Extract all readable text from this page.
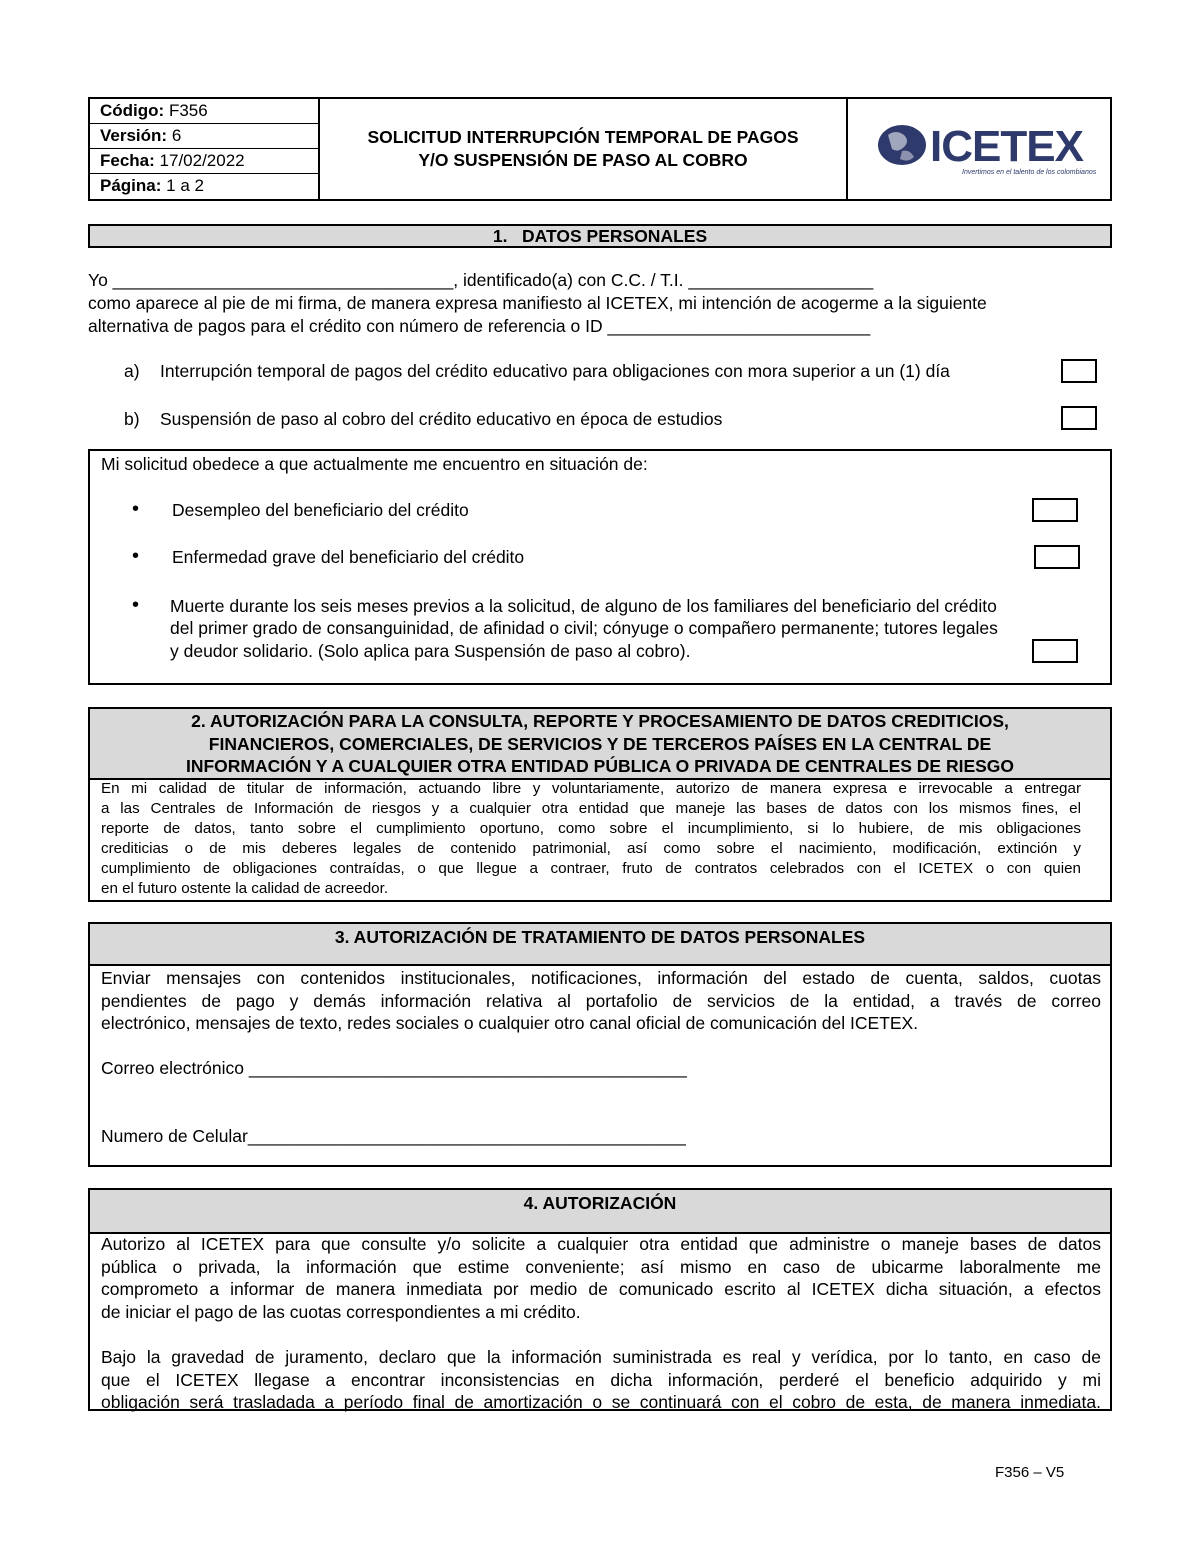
Código: F356
Versión: 6
Fecha: 17/02/2022
Página: 1 a 2
SOLICITUD INTERRUPCIÓN TEMPORAL DE PAGOS
Y/O SUSPENSIÓN DE PASO AL COBRO	ICETEX
Invertimos en el talento de los colombianos
1.   DATOS PERSONALES
Yo ___________________________________, identificado(a) con C.C. / T.I. ___________________
como aparece al pie de mi firma, de manera expresa manifiesto al ICETEX, mi intención de acogerme a la siguiente
alternativa de pagos para el crédito con número de referencia o ID ___________________________
a) Interrupción temporal de pagos del crédito educativo para obligaciones con mora superior a un (1) día
b) Suspensión de paso al cobro del crédito educativo en época de estudios
Mi solicitud obedece a que actualmente me encuentro en situación de:
• Desempleo del beneficiario del crédito
• Enfermedad grave del beneficiario del crédito
• Muerte durante los seis meses previos a la solicitud, de alguno de los familiares del beneficiario del crédito
del primer grado de consanguinidad, de afinidad o civil; cónyuge o compañero permanente; tutores legales
y deudor solidario. (Solo aplica para Suspensión de paso al cobro).
2. AUTORIZACIÓN PARA LA CONSULTA, REPORTE Y PROCESAMIENTO DE DATOS CREDITICIOS,
FINANCIEROS, COMERCIALES, DE SERVICIOS Y DE TERCEROS PAÍSES EN LA CENTRAL DE
INFORMACIÓN Y A CUALQUIER OTRA ENTIDAD PÚBLICA O PRIVADA DE CENTRALES DE RIESGO
En mi calidad de titular de información, actuando libre y voluntariamente, autorizo de manera expresa e irrevocable a entregar
a las Centrales de Información de riesgos y a cualquier otra entidad que maneje las bases de datos con los mismos fines, el
reporte de datos, tanto sobre el cumplimiento oportuno, como sobre el incumplimiento, si lo hubiere, de mis obligaciones
crediticias o de mis deberes legales de contenido patrimonial, así como sobre el nacimiento, modificación, extinción y
cumplimiento de obligaciones contraídas, o que llegue a contraer, fruto de contratos celebrados con el ICETEX o con quien
en el futuro ostente la calidad de acreedor.
3. AUTORIZACIÓN DE TRATAMIENTO DE DATOS PERSONALES
Enviar mensajes con contenidos institucionales, notificaciones, información del estado de cuenta, saldos, cuotas
pendientes de pago y demás información relativa al portafolio de servicios de la entidad, a través de correo
electrónico, mensajes de texto, redes sociales o cualquier otro canal oficial de comunicación del ICETEX.
Correo electrónico _____________________________________________
Numero de Celular_____________________________________________
4. AUTORIZACIÓN
Autorizo al ICETEX para que consulte y/o solicite a cualquier otra entidad que administre o maneje bases de datos
pública o privada, la información que estime conveniente; así mismo en caso de ubicarme laboralmente me
comprometo a informar de manera inmediata por medio de comunicado escrito al ICETEX dicha situación, a efectos
de iniciar el pago de las cuotas correspondientes a mi crédito.
Bajo la gravedad de juramento, declaro que la información suministrada es real y verídica, por lo tanto, en caso de
que el ICETEX llegase a encontrar inconsistencias en dicha información, perderé el beneficio adquirido y mi
obligación será trasladada a período final de amortización o se continuará con el cobro de esta, de manera inmediata.
F356 – V5
